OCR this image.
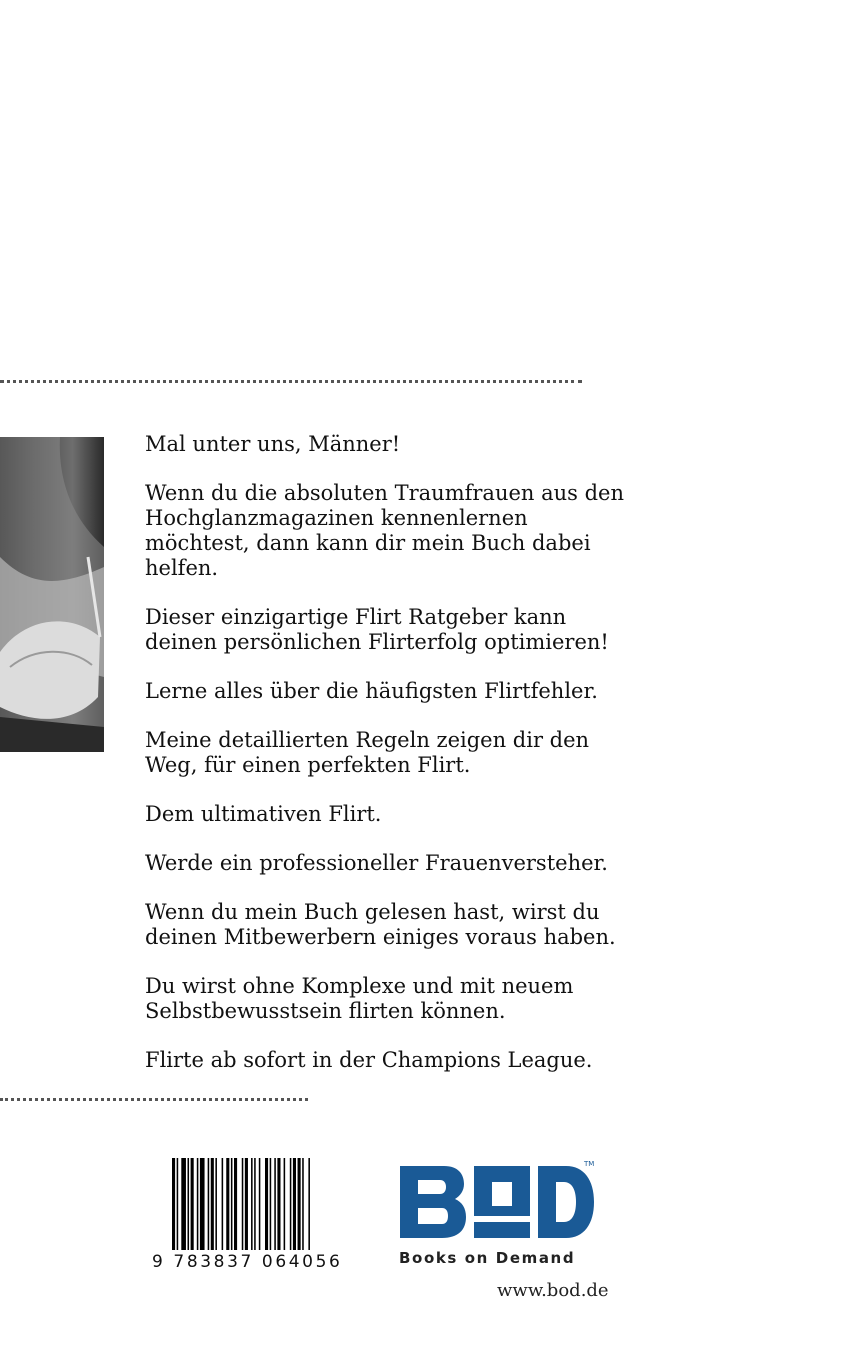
Mal unter uns, Männer!

Wenn du die absoluten Traumfrauen aus den Hochglanzmagazinen kennenlernen möchtest, dann kann dir mein Buch dabei helfen.

Dieser einzigartige Flirt Ratgeber kann deinen persönlichen Flirterfolg optimieren!

Lerne alles über die häufigsten Flirtfehler.

Meine detaillierten Regeln zeigen dir den Weg, für einen perfekten Flirt.

Dem ultimativen Flirt.

Werde ein professioneller Frauenversteher.

Wenn du mein Buch gelesen hast, wirst du deinen Mitbewerbern einiges voraus haben.

Du wirst ohne Komplexe und mit neuem Selbstbewusstsein flirten können.

Flirte ab sofort in der Champions League.

9 783837 064056
TM
Books on Demand
www.bod.de
